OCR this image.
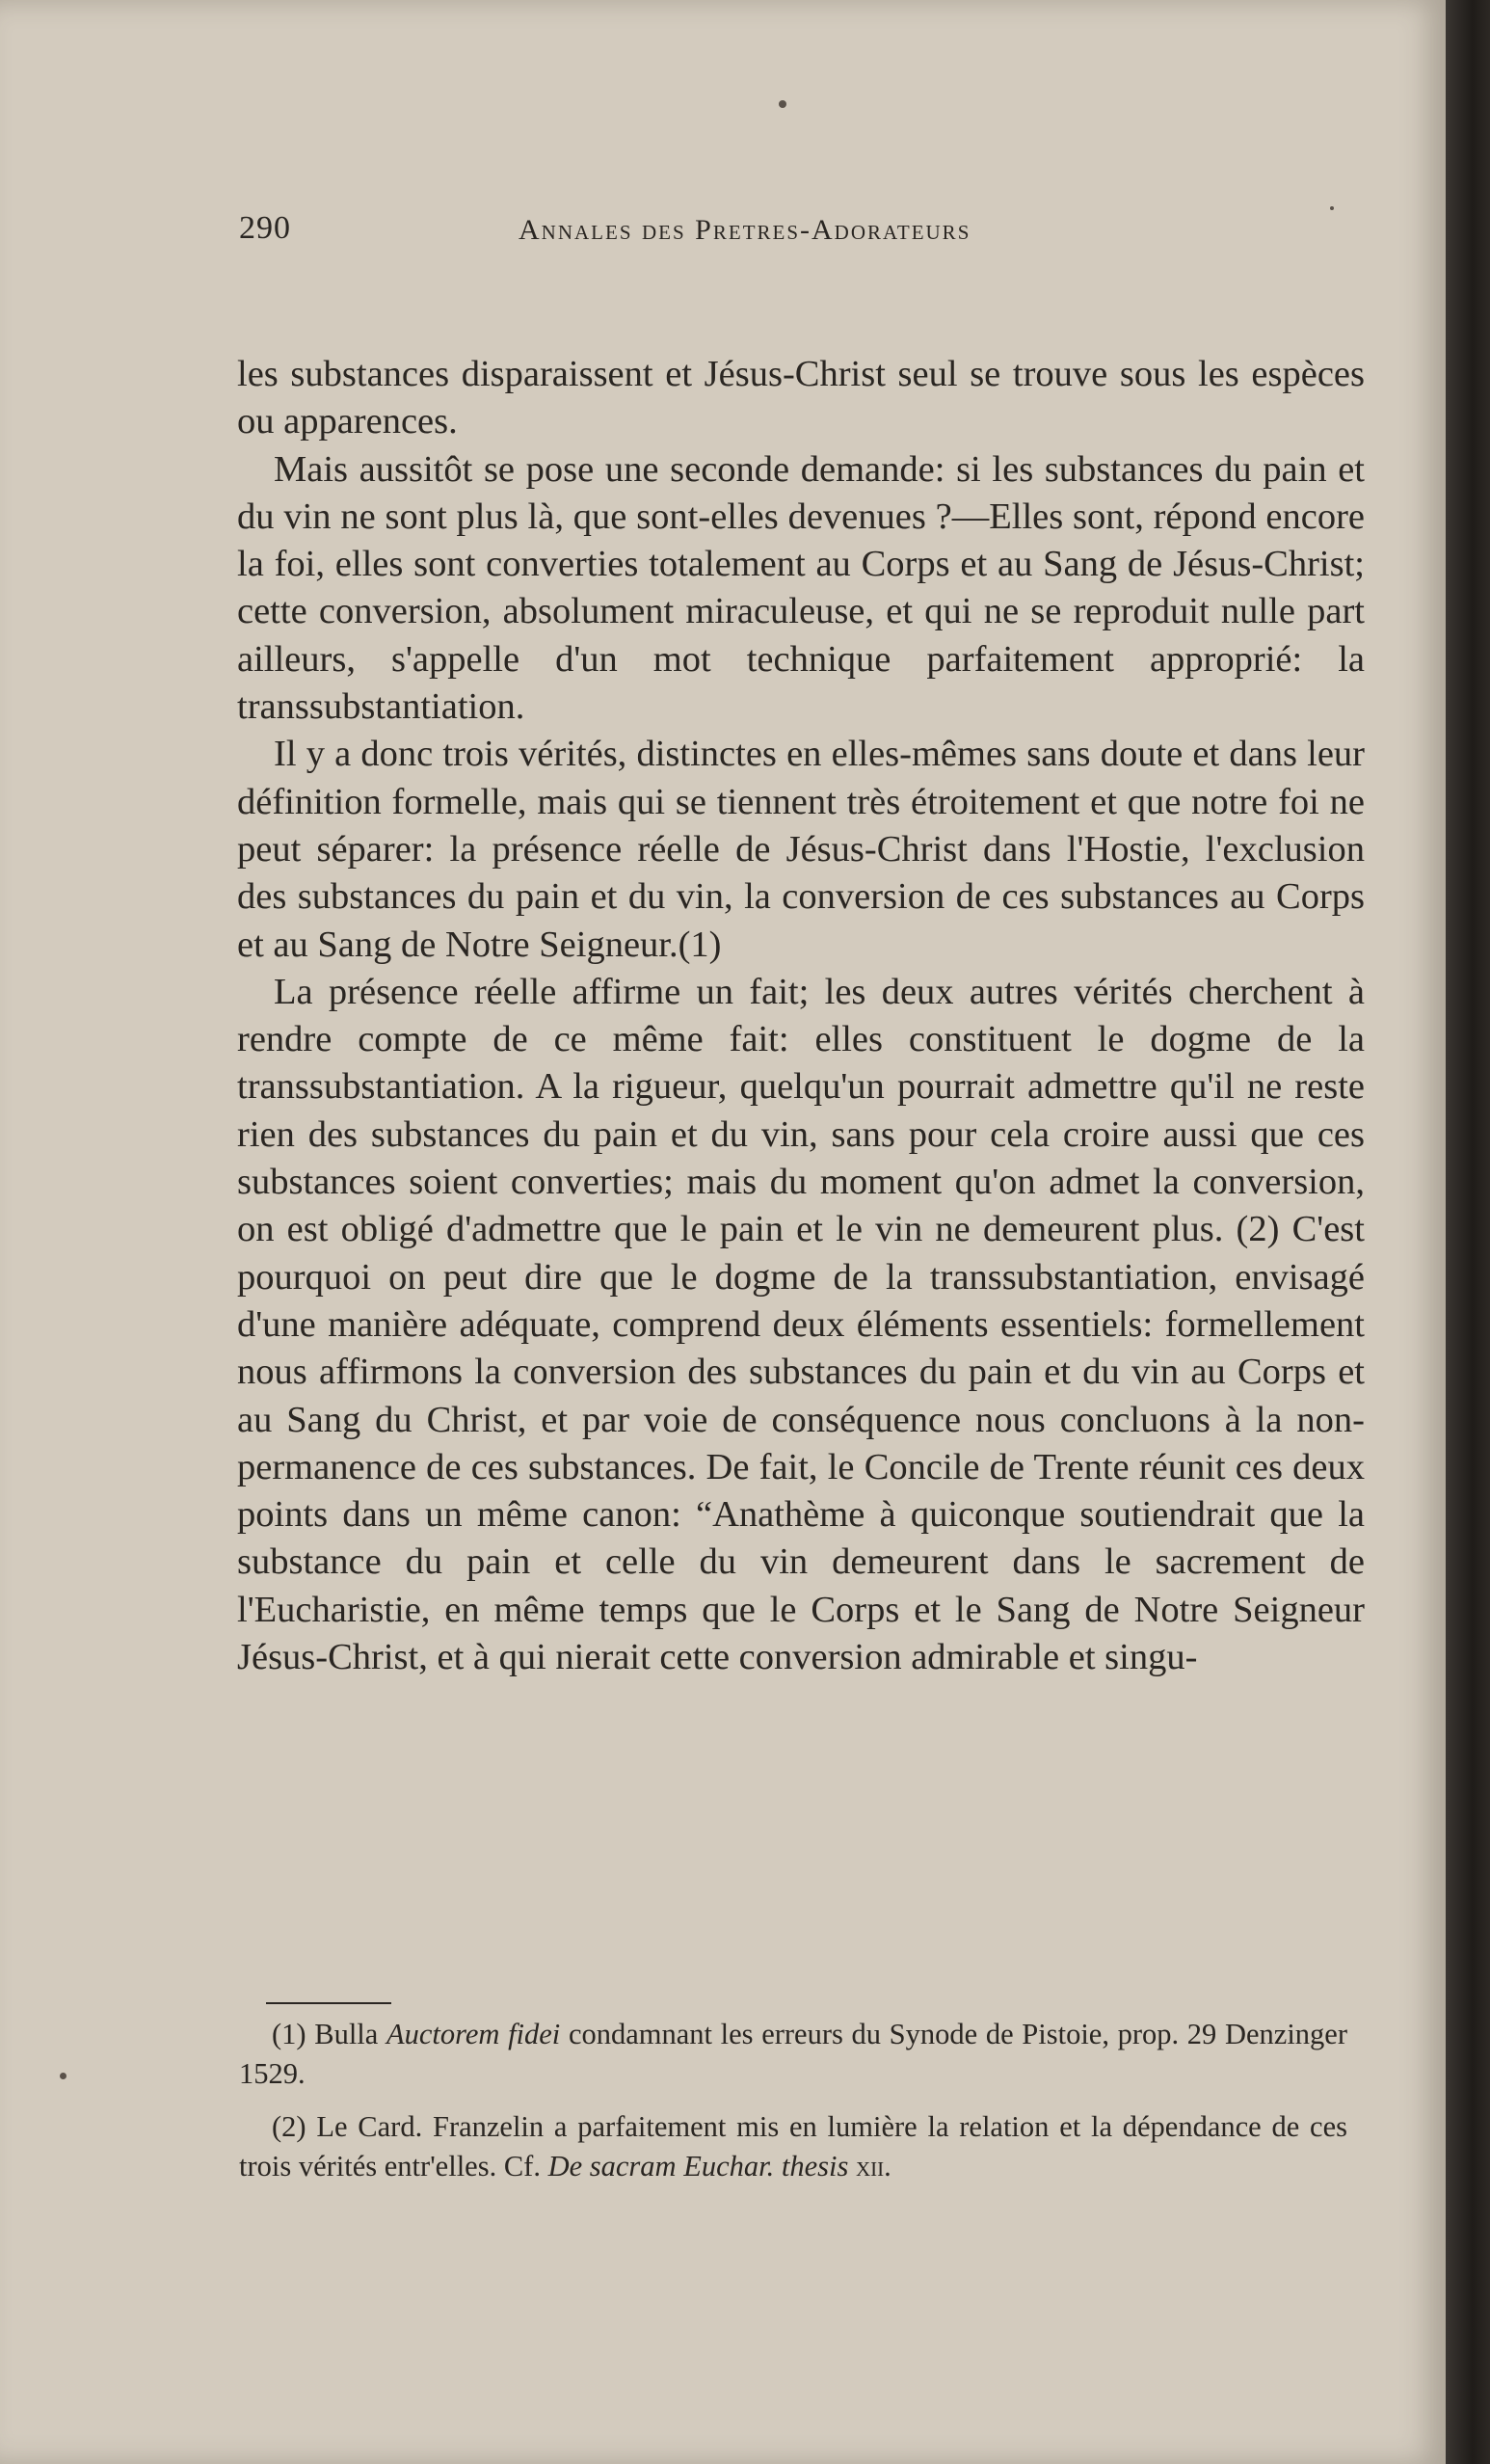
290	Annales des Pretres-Adorateurs

les substances disparaissent et Jésus-Christ seul se trouve sous les espèces ou apparences.

Mais aussitôt se pose une seconde demande: si les substances du pain et du vin ne sont plus là, que sont-elles devenues ?—Elles sont, répond encore la foi, elles sont converties totalement au Corps et au Sang de Jésus-Christ; cette conversion, absolument miraculeuse, et qui ne se reproduit nulle part ailleurs, s'appelle d'un mot technique parfaitement approprié: la transsubstantiation.

Il y a donc trois vérités, distinctes en elles-mêmes sans doute et dans leur définition formelle, mais qui se tiennent très étroitement et que notre foi ne peut séparer: la présence réelle de Jésus-Christ dans l'Hostie, l'exclusion des substances du pain et du vin, la conversion de ces substances au Corps et au Sang de Notre Seigneur.(1)

La présence réelle affirme un fait; les deux autres vérités cherchent à rendre compte de ce même fait: elles constituent le dogme de la transsubstantiation. A la rigueur, quelqu'un pourrait admettre qu'il ne reste rien des substances du pain et du vin, sans pour cela croire aussi que ces substances soient converties; mais du moment qu'on admet la conversion, on est obligé d'admettre que le pain et le vin ne demeurent plus. (2) C'est pourquoi on peut dire que le dogme de la transsubstantiation, envisagé d'une manière adéquate, comprend deux éléments essentiels: formellement nous affirmons la conversion des substances du pain et du vin au Corps et au Sang du Christ, et par voie de conséquence nous concluons à la non-permanence de ces substances. De fait, le Concile de Trente réunit ces deux points dans un même canon: “Anathème à quiconque soutiendrait que la substance du pain et celle du vin demeurent dans le sacrement de l'Eucharistie, en même temps que le Corps et le Sang de Notre Seigneur Jésus-Christ, et à qui nierait cette conversion admirable et singu-

(1) Bulla Auctorem fidei condamnant les erreurs du Synode de Pistoie, prop. 29 Denzinger 1529.

(2) Le Card. Franzelin a parfaitement mis en lumière la relation et la dépendance de ces trois vérités entr'elles. Cf. De sacram Euchar. thesis xii.
